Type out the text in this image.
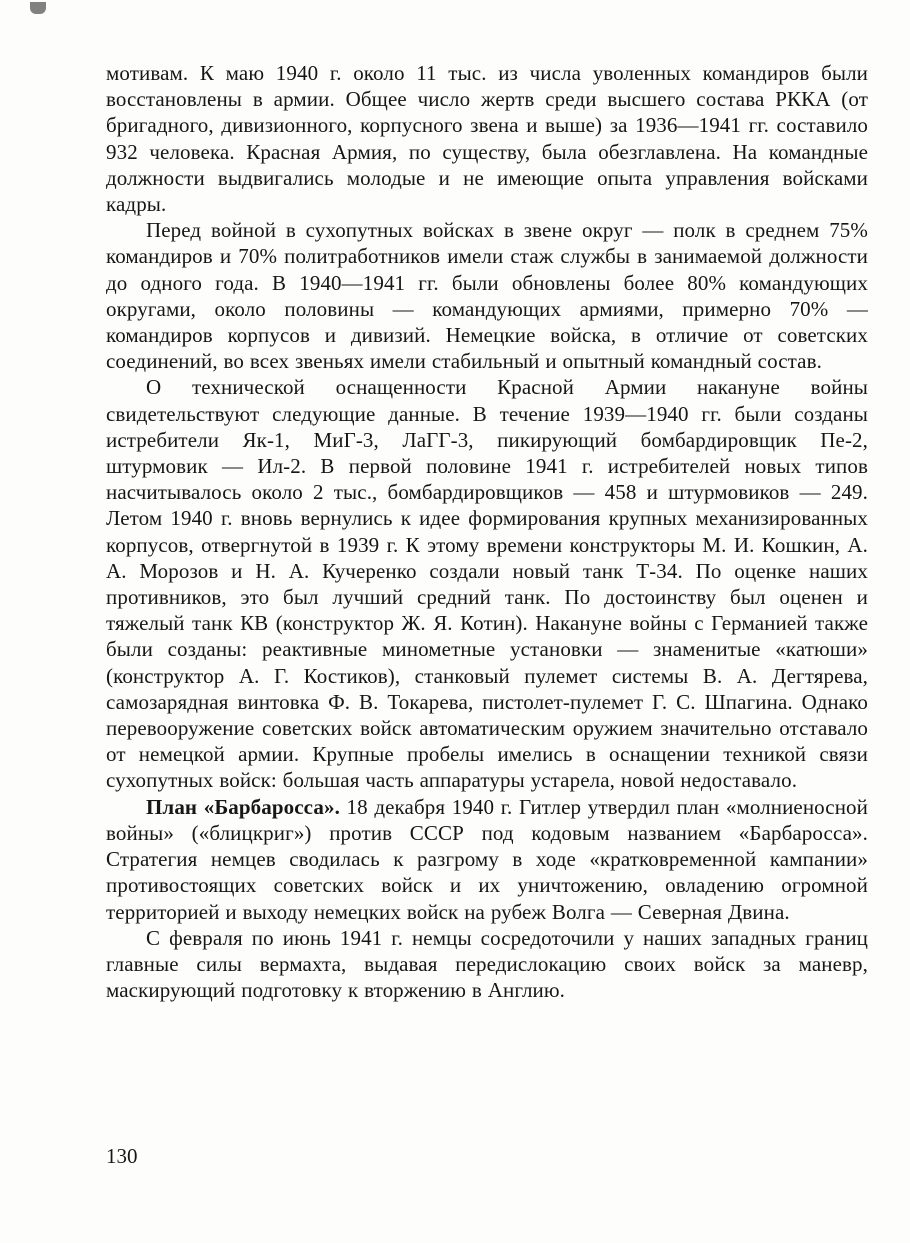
мотивам. К маю 1940 г. около 11 тыс. из числа уволенных командиров были восстановлены в армии. Общее число жертв среди высшего состава РККА (от бригадного, дивизионного, корпусного звена и выше) за 1936—1941 гг. составило 932 человека. Красная Армия, по существу, была обезглавлена. На командные должности выдвигались молодые и не имеющие опыта управления войсками кадры.

Перед войной в сухопутных войсках в звене округ — полк в среднем 75% командиров и 70% политработников имели стаж службы в занимаемой должности до одного года. В 1940—1941 гг. были обновлены более 80% командующих округами, около половины — командующих армиями, примерно 70% — командиров корпусов и дивизий. Немецкие войска, в отличие от советских соединений, во всех звеньях имели стабильный и опытный командный состав.

О технической оснащенности Красной Армии накануне войны свидетельствуют следующие данные. В течение 1939—1940 гг. были созданы истребители Як-1, МиГ-3, ЛаГГ-3, пикирующий бомбардировщик Пе-2, штурмовик — Ил-2. В первой половине 1941 г. истребителей новых типов насчитывалось около 2 тыс., бомбардировщиков — 458 и штурмовиков — 249. Летом 1940 г. вновь вернулись к идее формирования крупных механизированных корпусов, отвергнутой в 1939 г. К этому времени конструкторы М. И. Кошкин, А. А. Морозов и Н. А. Кучеренко создали новый танк Т-34. По оценке наших противников, это был лучший средний танк. По достоинству был оценен и тяжелый танк КВ (конструктор Ж. Я. Котин). Накануне войны с Германией также были созданы: реактивные минометные установки — знаменитые «катюши» (конструктор А. Г. Костиков), станковый пулемет системы В. А. Дегтярева, самозарядная винтовка Ф. В. Токарева, пистолет-пулемет Г. С. Шпагина. Однако перевооружение советских войск автоматическим оружием значительно отставало от немецкой армии. Крупные пробелы имелись в оснащении техникой связи сухопутных войск: большая часть аппаратуры устарела, новой недоставало.

План «Барбаросса». 18 декабря 1940 г. Гитлер утвердил план «молниеносной войны» («блицкриг») против СССР под кодовым названием «Барбаросса». Стратегия немцев сводилась к разгрому в ходе «кратковременной кампании» противостоящих советских войск и их уничтожению, овладению огромной территорией и выходу немецких войск на рубеж Волга — Северная Двина.

С февраля по июнь 1941 г. немцы сосредоточили у наших западных границ главные силы вермахта, выдавая передислокацию своих войск за маневр, маскирующий подготовку к вторжению в Англию.

130
